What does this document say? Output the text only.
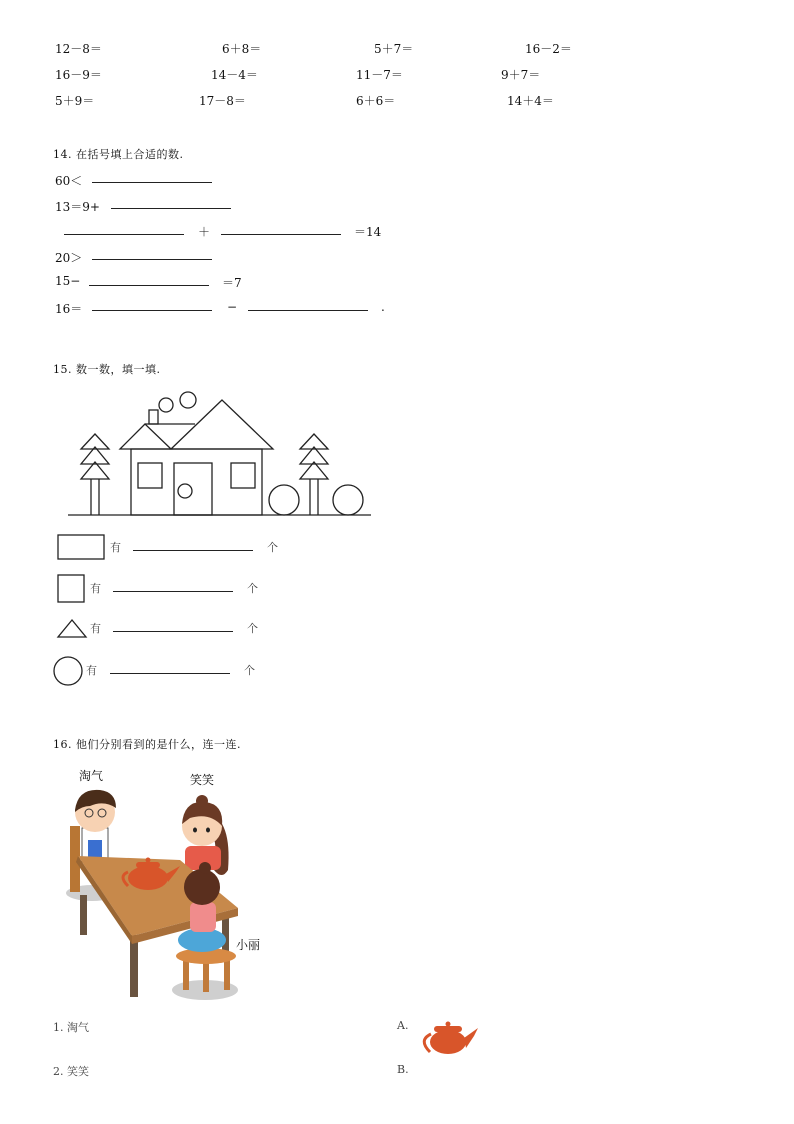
12－8＝	6＋8＝	5＋7＝	16－2＝
16－9＝	14－4＝	11－7＝	9＋7＝
5＋9＝	17－8＝	6＋6＝	14＋4＝
14. 在括号填上合适的数.
60＜
13＝9+
＋	＝14
20＞
15−	＝7
16＝	−	.
15. 数一数，填一填.
有	个
有	个
有	个
有	个
16. 他们分别看到的是什么，连一连.
淘气	笑笑
小丽
1. 淘气
2. 笑笑
A.
B.
